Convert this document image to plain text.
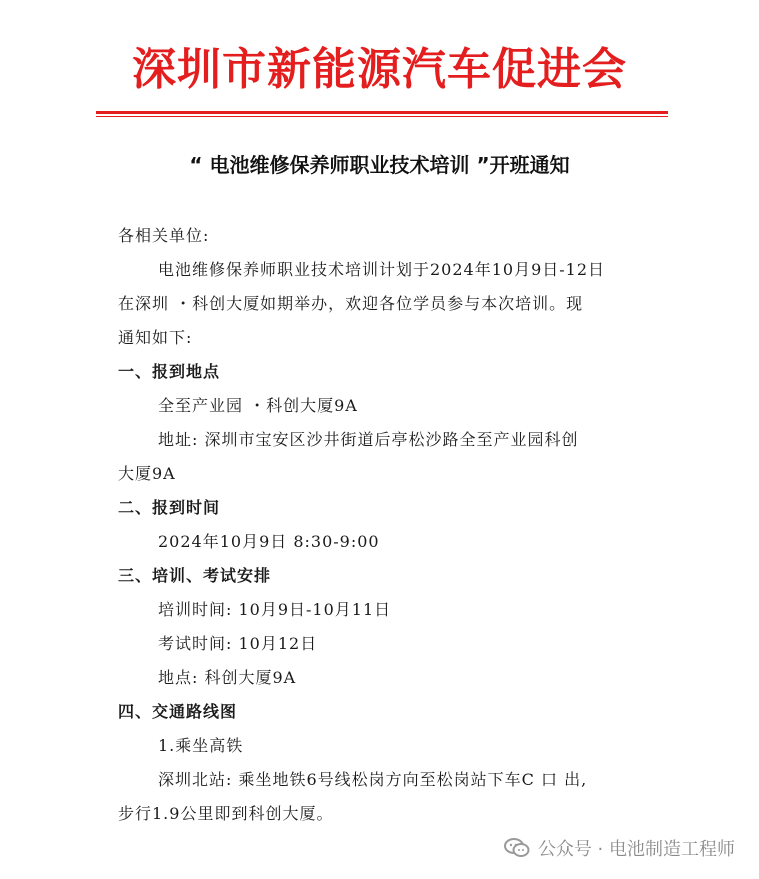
深圳市新能源汽车促进会
“ 电池维修保养师职业技术培训 ”开班通知

各相关单位:

电池维修保养师职业技术培训计划于2024年10月9日-12日

在深圳 ・科创大厦如期举办，欢迎各位学员参与本次培训。现

通知如下:

一、报到地点

全至产业园 ・科创大厦9A

地址: 深圳市宝安区沙井街道后亭松沙路全至产业园科创

大厦9A

二、报到时间

2024年10月9日 8:30-9:00

三、培训、考试安排

培训时间: 10月9日-10月11日

考试时间: 10月12日

地点: 科创大厦9A

四、交通路线图

1.乘坐高铁

深圳北站: 乘坐地铁6号线松岗方向至松岗站下车C 口 出,

步行1.9公里即到科创大厦。

公众号 · 电池制造工程师
